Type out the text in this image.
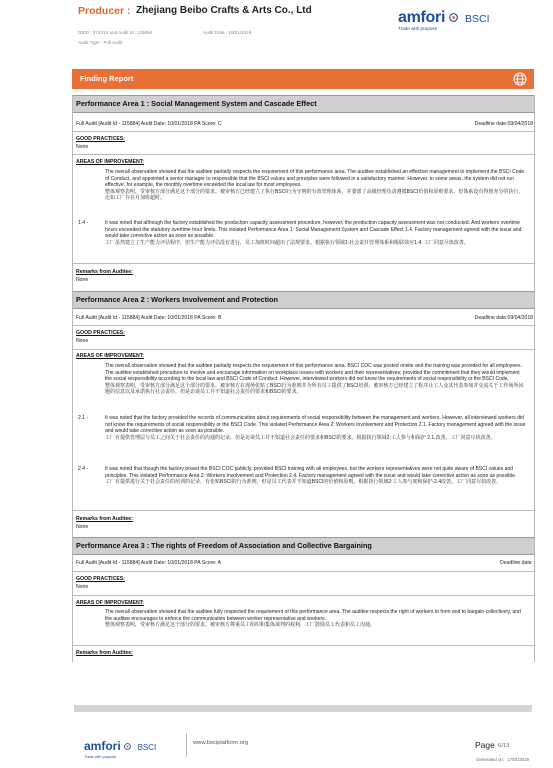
Producer : Zhejiang Beibo Crafts & Arts Co., Ltd
DBID : 374314 and Audit Id : 115884	Audit Date : 10/01/2018
Audit Type : Full Audit
amfori BSCI
Trade with purpose
Finding Report
Performance Area 1 : Social Management System and Cascade Effect
Full Audit [Audit Id - 115884] Audit Date: 10/01/2018 PA Score: C	Deadline date:09/04/2018
GOOD PRACTICES:
None
AREAS OF IMPROVEMENT:
The overall observation showed that the auditee partially respects the requirement of this performance area. The auditee established an effective management to implement the BSCI Code of Conduct, and appointed a senior manager to responsible that the BSCI values and principles were followed in a satisfactory manner. However, in some areas, the system did not run effective, for example, the monthly overtime exceeded the local law for most employees.
整体观察表明，受审核方部分满足这个部分的要求。被审核方已经建立了执行BSCI行为守则的有效管理体系，并委派了高级经理负责遵循BSCI价值和原则要求。但体系没有得到充分的执行，比如工厂存在月加班超时。
1.4 -	It was noted that although the factory established the production capacity assessment procedure, however, the production capacity assessment was not conducted. And workers overtime hours exceeded the statutory overtime hour limits. This violated Performance Area 1: Social Management System and Cascade Effect 1.4. Factory management agreed with the issue and would take corrective action as soon as possible.
工厂虽然建立了生产能力评估程序，但生产能力评估没有进行，员工加班时间超出了法规要求。根据执行领域1:社会责任管理体系和级联效应1.4. 工厂同意尽快改善。
Remarks from Auditee:
None
Performance Area 2 : Workers Involvement and Protection
Full Audit [Audit Id - 115884] Audit Date: 10/01/2018 PA Score: B	Deadline date:09/04/2018
GOOD PRACTICES:
None
AREAS OF IMPROVEMENT:
The overall observation showed that the auditee partially respects the requirement of this performance area. BSCI COC was posted onsite and the training was provided for all employees. The auditee established procedure to involve and encourage information on workplace issues with workers and their representatives; provided the commitment that they would implement the social responsibility according to the local law and BSCI Code of Conduct. However, interviewed workers did not know the requirements of social responsibility or the BSCI Code.
整体观察表明，受审核方部分满足这个部分的要求。被审核方在现场张贴了BSCI行为准则并为所有员工提供了BSCI培训。被审核方已经建立了程序让工人及其代表参加并交流关于工作场所问题的信息以及承诺执行社会责任。但是访谈员工并不知道社会责任的要求和BSCI的要求。
2.1 -	It was noted that the factory provided the records of communication about requirements of social responsibility between the management and workers. However, all interviewed workers did not know the requirements of social responsibility or the BSCI Code. This violated Performance Area 2: Workers Involvement and Protection 2.1. Factory management agreed with the issue and would take corrective action as soon as possible.
工厂有提供管理层与员工之间关于社会责任的沟通的记录，但是访谈员工并不知道社会责任的要求和BSCI的要求。根据执行领域2:工人参与和保护 2.1.改善。工厂同意尽快改善。
2.4 -	It was noted that though the factory posed the BSCI COC publicly, provided BSCI training with all employees, but the workers representatives were not quite aware of BSCI values and principles. This violated Performance Area 2: Workers Involvement and Protection 2.4. Factory management agreed with the issue and would take corrective action as soon as possible.
工厂有提供进行关于社会责任的培训的记录，有张贴BSCI的行为准则，但是员工代表并不知道BSCI的价值和原则。根据执行领域2:工人参与度和保护-2.4改善。工厂同意尽快改善。
Remarks from Auditee:
None
Performance Area 3 : The rights of Freedom of Association and Collective Bargaining
Full Audit [Audit Id - 115884] Audit Date: 10/01/2018 PA Score: A	Deadline date:
GOOD PRACTICES:
None
AREAS OF IMPROVEMENT:
The overall observation showed that the auditee fully respected the requirement of this performance area. The auditee respects the right of workers to form and to bargain collectively, and the auditee encourages to enforce the communication between worker representative and workers.
整体观察表明，受审核方满足这个部分的要求。被审核方尊重员工组织和集体谈判的权利，工厂鼓励员工代表和员工沟通。
Remarks from Auditee:
amfori BSCI
Trade with purpose
www.bsciplatform.org	Page 6/13
Generated on: 17/01/2019
